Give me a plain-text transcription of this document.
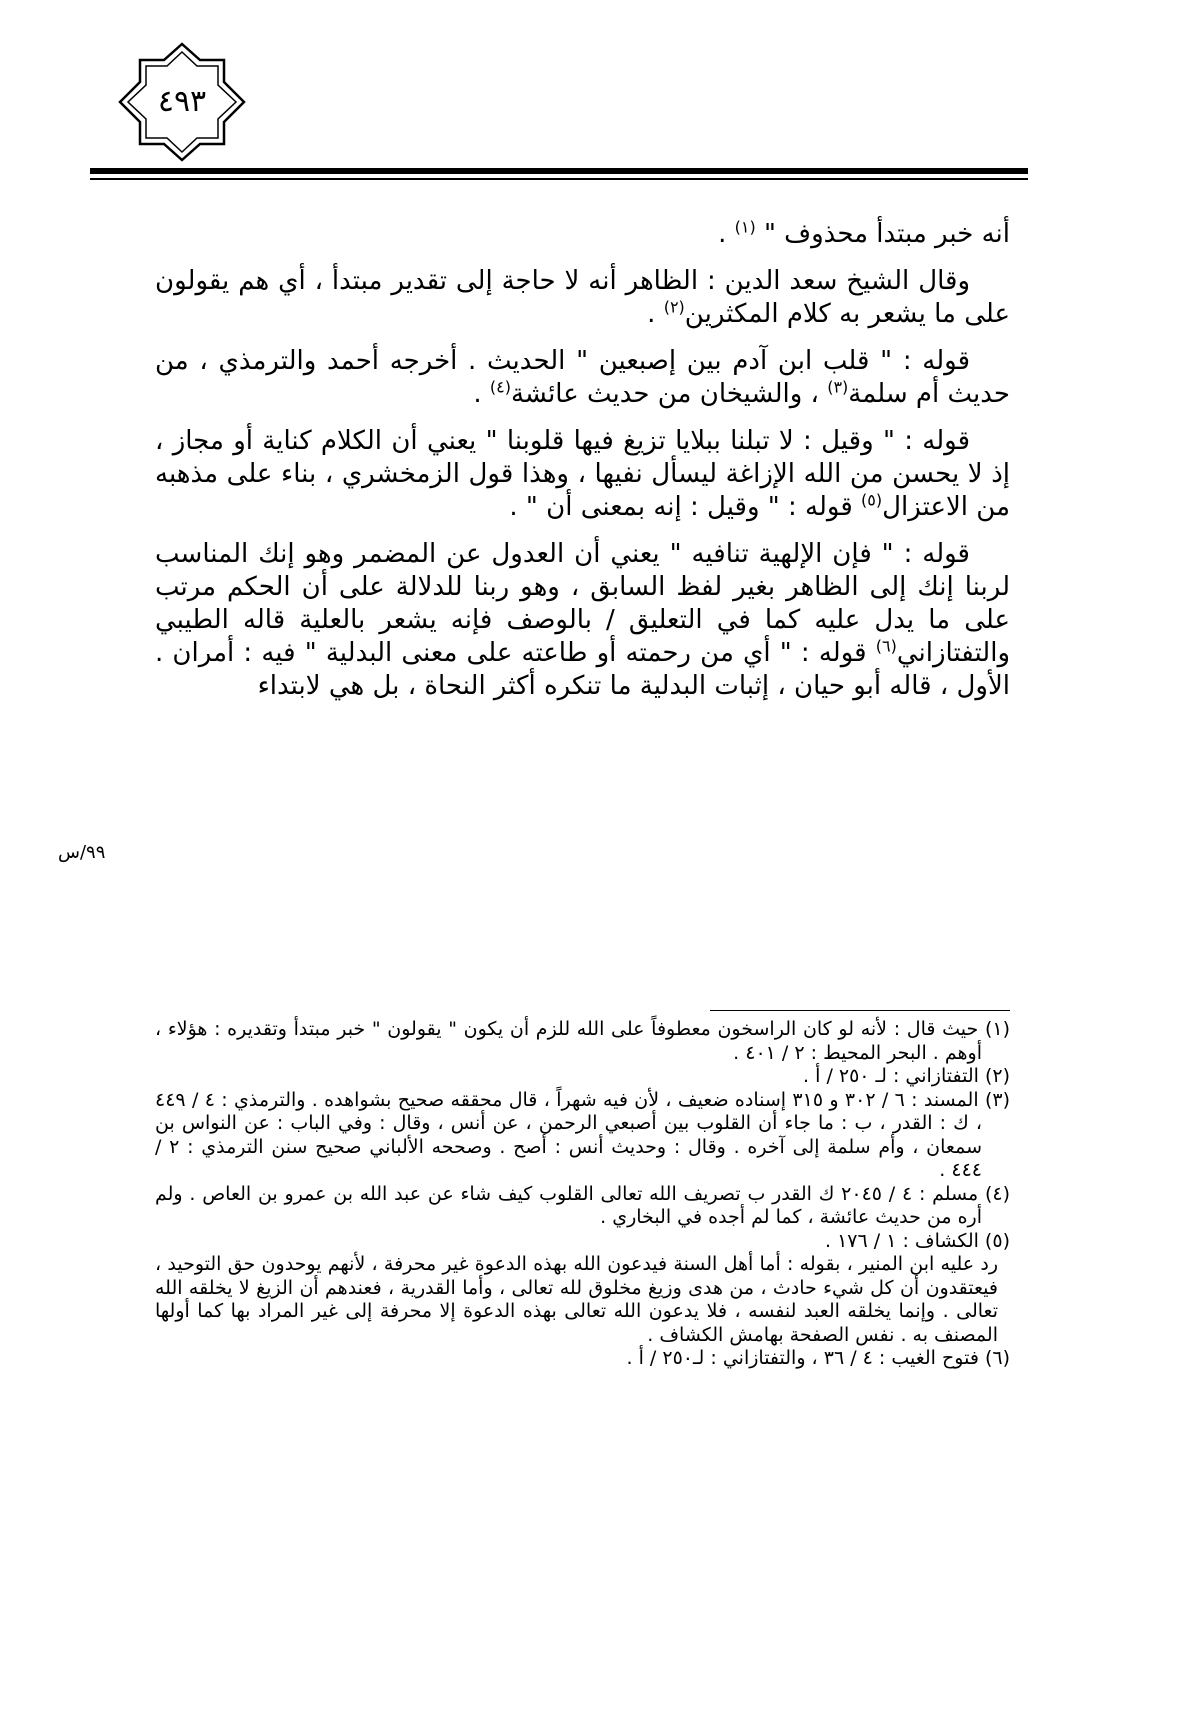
٤٩٣

أنه خبر مبتدأ محذوف " $^{(١)}$ .

وقال الشيخ سعد الدين : الظاهر أنه لا حاجة إلى تقدير مبتدأ ، أي هم يقولون على ما يشعر به كلام المكثرين$^{(٢)}$ .

قوله : " قلب ابن آدم بين إصبعين " الحديث . أخرجه أحمد والترمذي ، من حديث أم سلمة$^{(٣)}$ ، والشيخان من حديث عائشة$^{(٤)}$ .

قوله : " وقيل : لا تبلنا ببلايا تزيغ فيها قلوبنا " يعني أن الكلام كناية أو مجاز ، إذ لا يحسن من الله الإزاغة ليسأل نفيها ، وهذا قول الزمخشري ، بناء على مذهبه من الاعتزال$^{(٥)}$ قوله : " وقيل : إنه بمعنى أن " .

قوله : " فإن الإلهية تنافيه " يعني أن العدول عن المضمر وهو إنك المناسب لربنا إنك إلى الظاهر بغير لفظ السابق ، وهو ربنا للدلالة على أن الحكم مرتب على ما يدل عليه كما في التعليق / بالوصف فإنه يشعر بالعلية قاله الطيبي والتفتازاني$^{(٦)}$ قوله : " أي من رحمته أو طاعته على معنى البدلية " فيه : أمران . الأول ، قاله أبو حيان ، إثبات البدلية ما تنكره أكثر النحاة ، بل هي لابتداء

٩٩/س

(١) حيث قال : لأنه لو كان الراسخون معطوفاً على الله للزم أن يكون " يقولون " خبر مبتدأ وتقديره : هؤلاء ، أوهم . البحر المحيط : ٢ / ٤٠١ .

(٢) التفتازاني : لـ ٢٥٠ / أ .

(٣) المسند : ٦ / ٣٠٢ و ٣١٥ إسناده ضعيف ، لأن فيه شهراً ، قال محققه صحيح بشواهده . والترمذي : ٤ / ٤٤٩ ، ك : القدر ، ب : ما جاء أن القلوب بين أصبعي الرحمن ، عن أنس ، وقال : وفي الباب : عن النواس بن سمعان ، وأم سلمة إلى آخره . وقال : وحديث أنس : أصح . وصححه الألباني صحيح سنن الترمذي : ٢ / ٤٤٤ .

(٤) مسلم : ٤ / ٢٠٤٥ ك القدر ب تصريف الله تعالى القلوب كيف شاء عن عبد الله بن عمرو بن العاص . ولم أره من حديث عائشة ، كما لم أجده في البخاري .

(٥) الكشاف : ١ / ١٧٦ .

رد عليه ابن المنير ، بقوله : أما أهل السنة فيدعون الله بهذه الدعوة غير محرفة ، لأنهم يوحدون حق التوحيد ، فيعتقدون أن كل شيء حادث ، من هدى وزيغ مخلوق لله تعالى ، وأما القدرية ، فعندهم أن الزيغ لا يخلقه الله تعالى . وإنما يخلقه العبد لنفسه ، فلا يدعون الله تعالى بهذه الدعوة إلا محرفة إلى غير المراد بها كما أولها المصنف به . نفس الصفحة بهامش الكشاف .

(٦) فتوح الغيب : ٤ / ٣٦ ، والتفتازاني : لـ٢٥٠ / أ .
